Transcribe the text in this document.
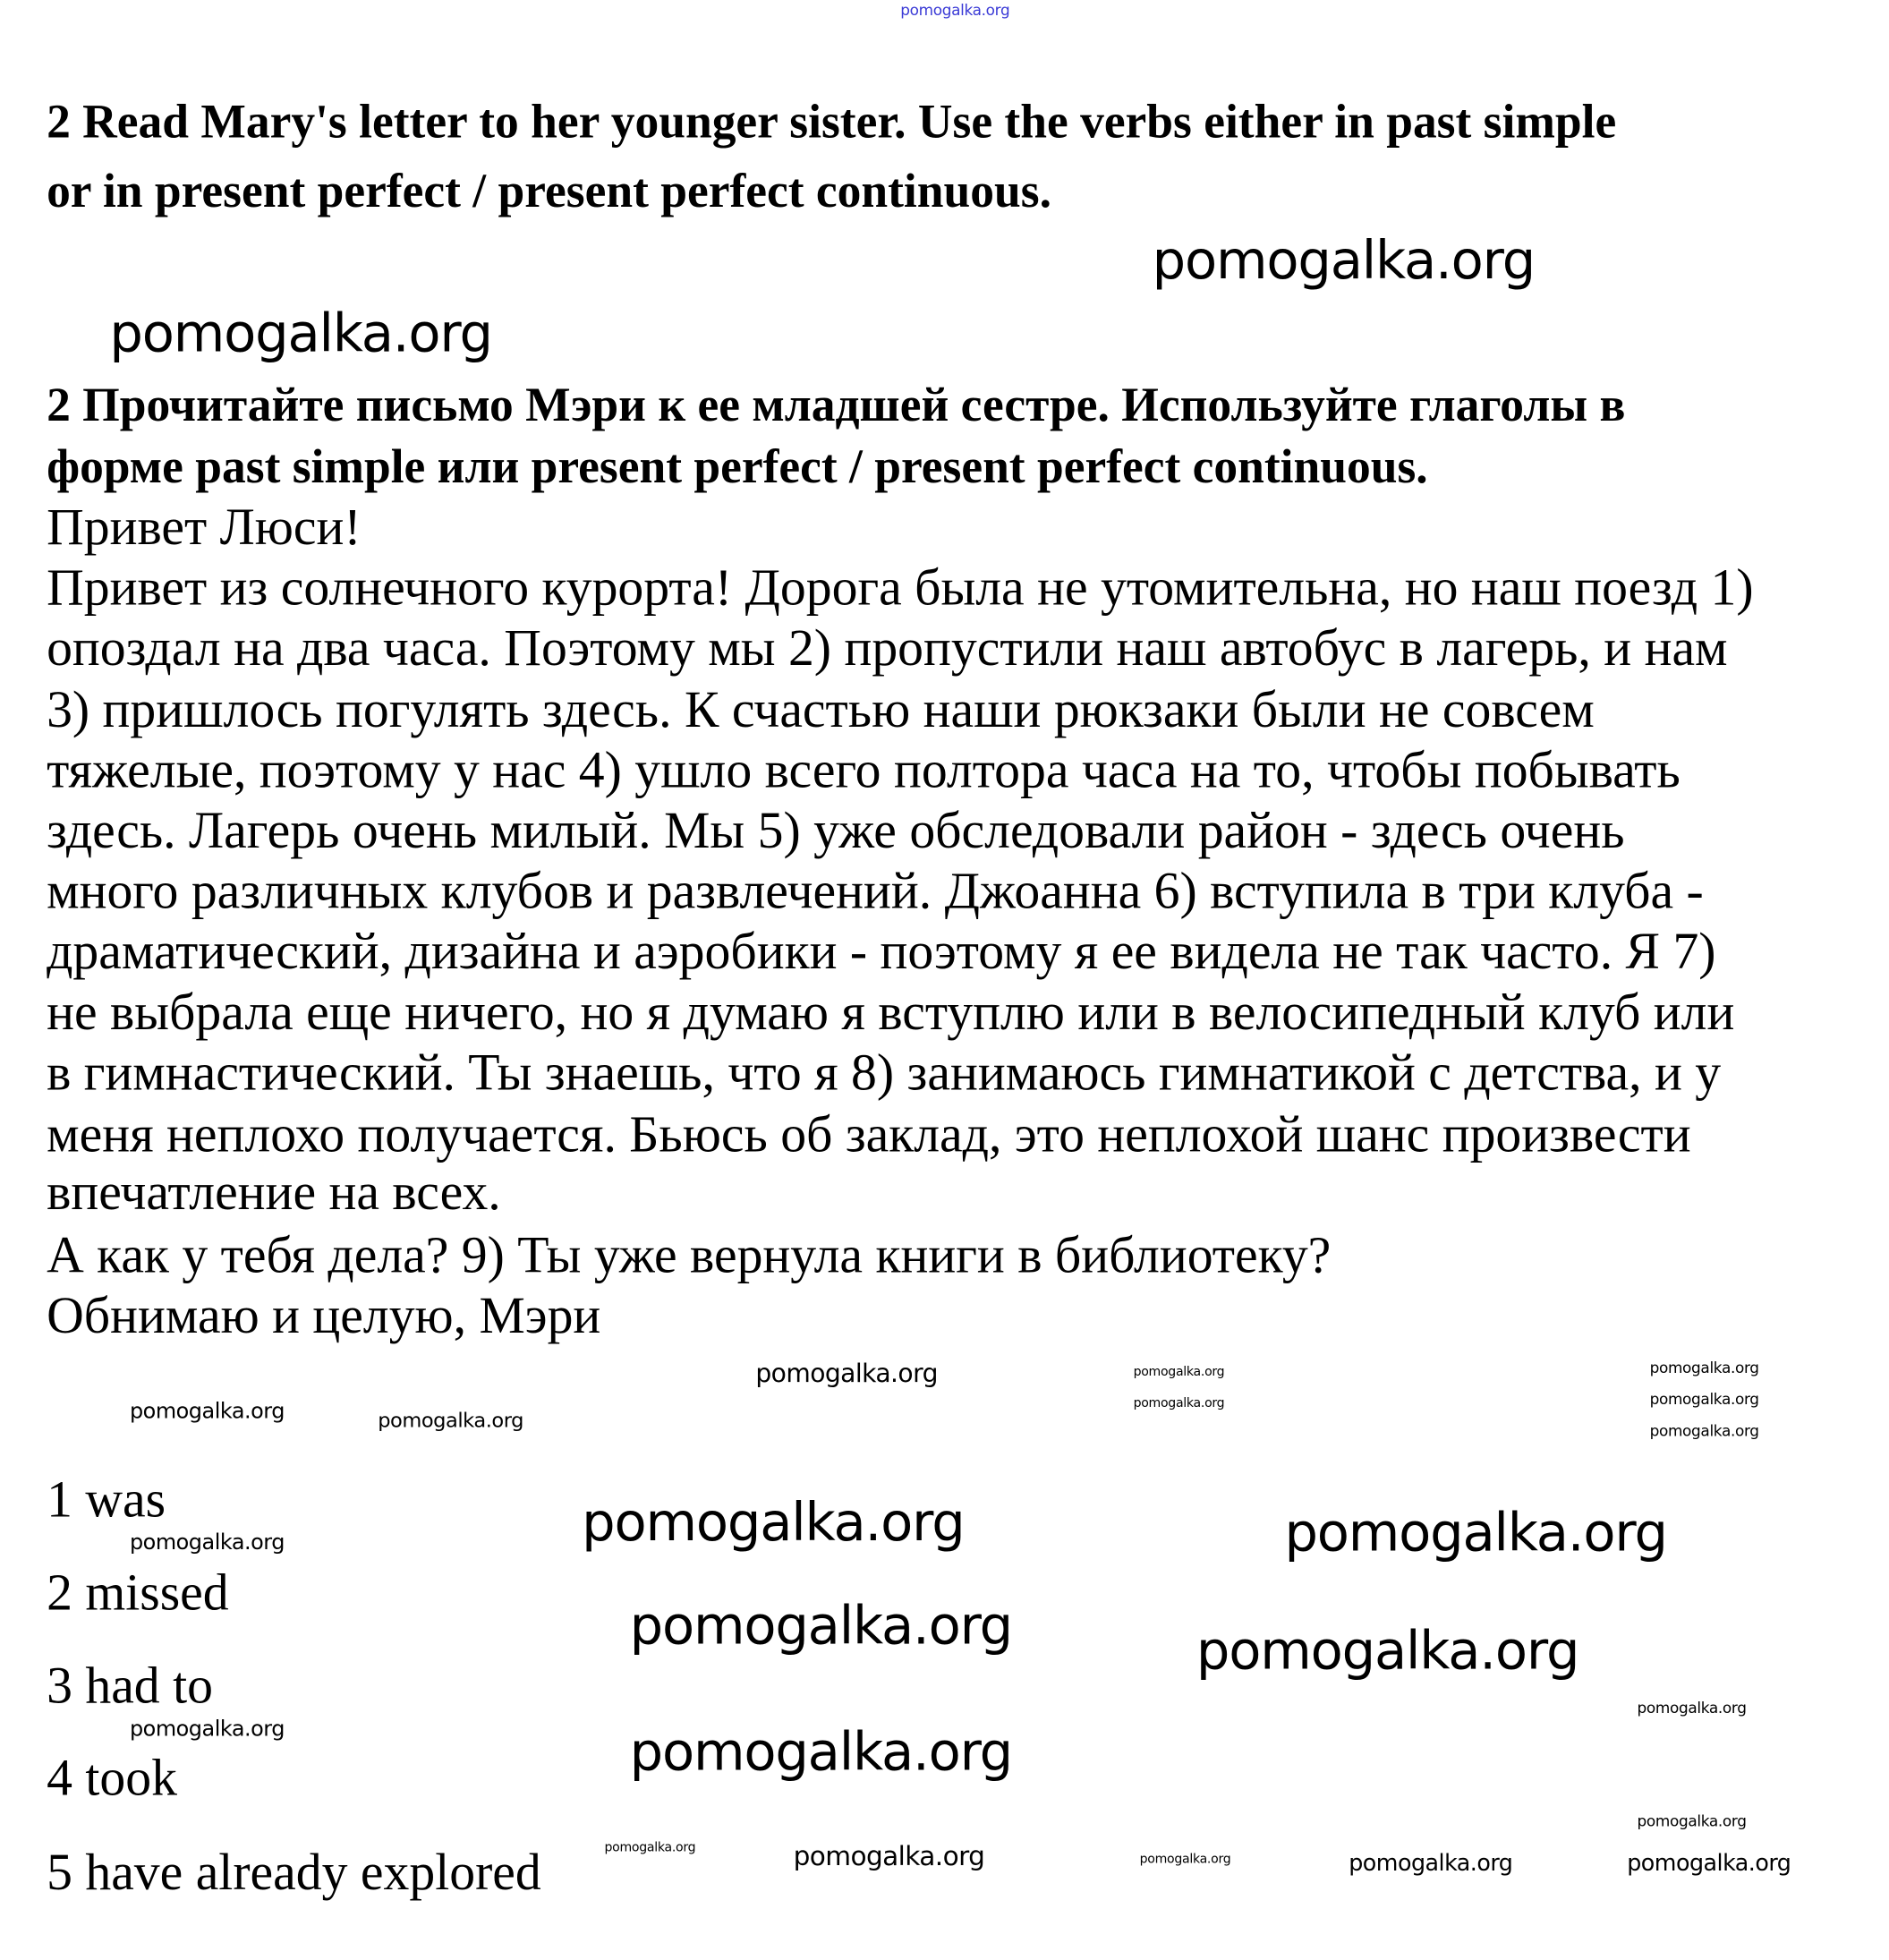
2 Read Mary's letter to her younger sister. Use the verbs either in past simple
or in present perfect / present perfect continuous.
2 Прочитайте письмо Мэри к ее младшей сестре. Используйте глаголы в
форме past simple или present perfect / present perfect continuous.
Привет Люси!
Привет из солнечного курорта! Дорога была не утомительна, но наш поезд 1)
опоздал на два часа. Поэтому мы 2) пропустили наш автобус в лагерь, и нам
3) пришлось погулять здесь. К счастью наши рюкзаки были не совсем
тяжелые, поэтому у нас 4) ушло всего полтора часа на то, чтобы побывать
здесь. Лагерь очень милый. Мы 5) уже обследовали район - здесь очень
много различных клубов и развлечений. Джоанна 6) вступила в три клуба -
драматический, дизайна и аэробики - поэтому я ее видела не так часто. Я 7)
не выбрала еще ничего, но я думаю я вступлю или в велосипедный клуб или
в гимнастический. Ты знаешь, что я 8) занимаюсь гимнатикой с детства, и у
меня неплохо получается. Бьюсь об заклад, это неплохой шанс произвести
впечатление на всех.
А как у тебя дела? 9) Ты уже вернула книги в библиотеку?
Обнимаю и целую, Мэри
1 was
2 missed
3 had to
4 took
5 have already explored
pomogalka.org
pomogalka.org
pomogalka.org
pomogalka.org
pomogalka.org
pomogalka.org
pomogalka.org
pomogalka.org	pomogalka.org
pomogalka.org
pomogalka.org
pomogalka.org
pomogalka.org
pomogalka.org
pomogalka.org
pomogalka.org
pomogalka.org	pomogalka.org
pomogalka.org
pomogalka.org
pomogalka.org	pomogalka.org	pomogalka.org	pomogalka.org	pomogalka.org
